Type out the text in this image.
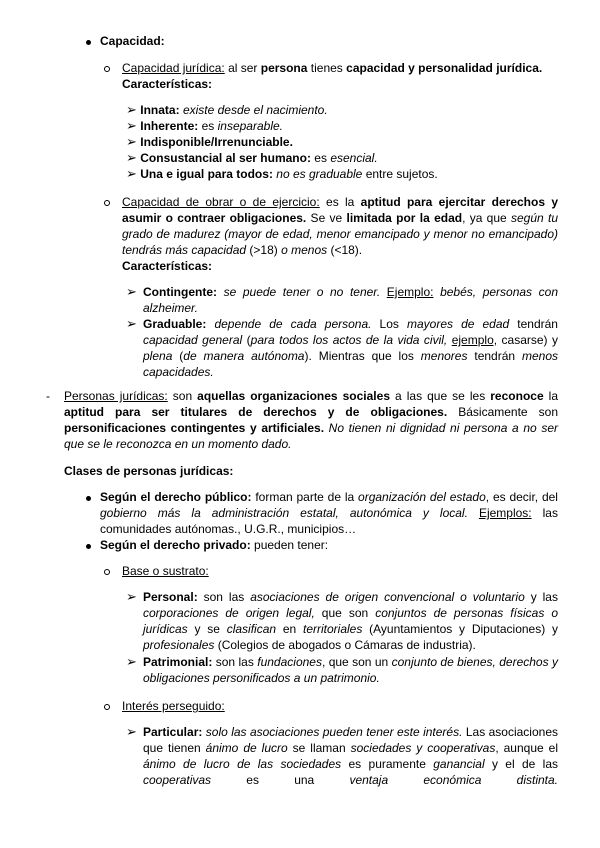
Capacidad:
Capacidad jurídica: al ser persona tienes capacidad y personalidad jurídica.
Características:
➢ Innata: existe desde el nacimiento.
➢ Inherente: es inseparable.
➢ Indisponible/Irrenunciable.
➢ Consustancial al ser humano: es esencial.
➢ Una e igual para todos: no es graduable entre sujetos.
Capacidad de obrar o de ejercicio: es la aptitud para ejercitar derechos y asumir o contraer obligaciones. Se ve limitada por la edad, ya que según tu grado de madurez (mayor de edad, menor emancipado y menor no emancipado) tendrás más capacidad (>18) o menos (<18).
Características:
➢ Contingente: se puede tener o no tener. Ejemplo: bebés, personas con alzheimer.
➢ Graduable: depende de cada persona. Los mayores de edad tendrán capacidad general (para todos los actos de la vida civil, ejemplo, casarse) y plena (de manera autónoma). Mientras que los menores tendrán menos capacidades.
- Personas jurídicas: son aquellas organizaciones sociales a las que se les reconoce la aptitud para ser titulares de derechos y de obligaciones. Básicamente son personificaciones contingentes y artificiales. No tienen ni dignidad ni persona a no ser que se le reconozca en un momento dado.
Clases de personas jurídicas:
Según el derecho público: forman parte de la organización del estado, es decir, del gobierno más la administración estatal, autonómica y local. Ejemplos: las comunidades autónomas., U.G.R., municipios…
Según el derecho privado: pueden tener:
Base o sustrato:
➢ Personal: son las asociaciones de origen convencional o voluntario y las corporaciones de origen legal, que son conjuntos de personas físicas o jurídicas y se clasifican en territoriales (Ayuntamientos y Diputaciones) y profesionales (Colegios de abogados o Cámaras de industria).
➢ Patrimonial: son las fundaciones, que son un conjunto de bienes, derechos y obligaciones personificados a un patrimonio.
Interés perseguido:
➢ Particular: solo las asociaciones pueden tener este interés. Las asociaciones que tienen ánimo de lucro se llaman sociedades y cooperativas, aunque el ánimo de lucro de las sociedades es puramente ganancial y el de las cooperativas es una ventaja económica distinta.
